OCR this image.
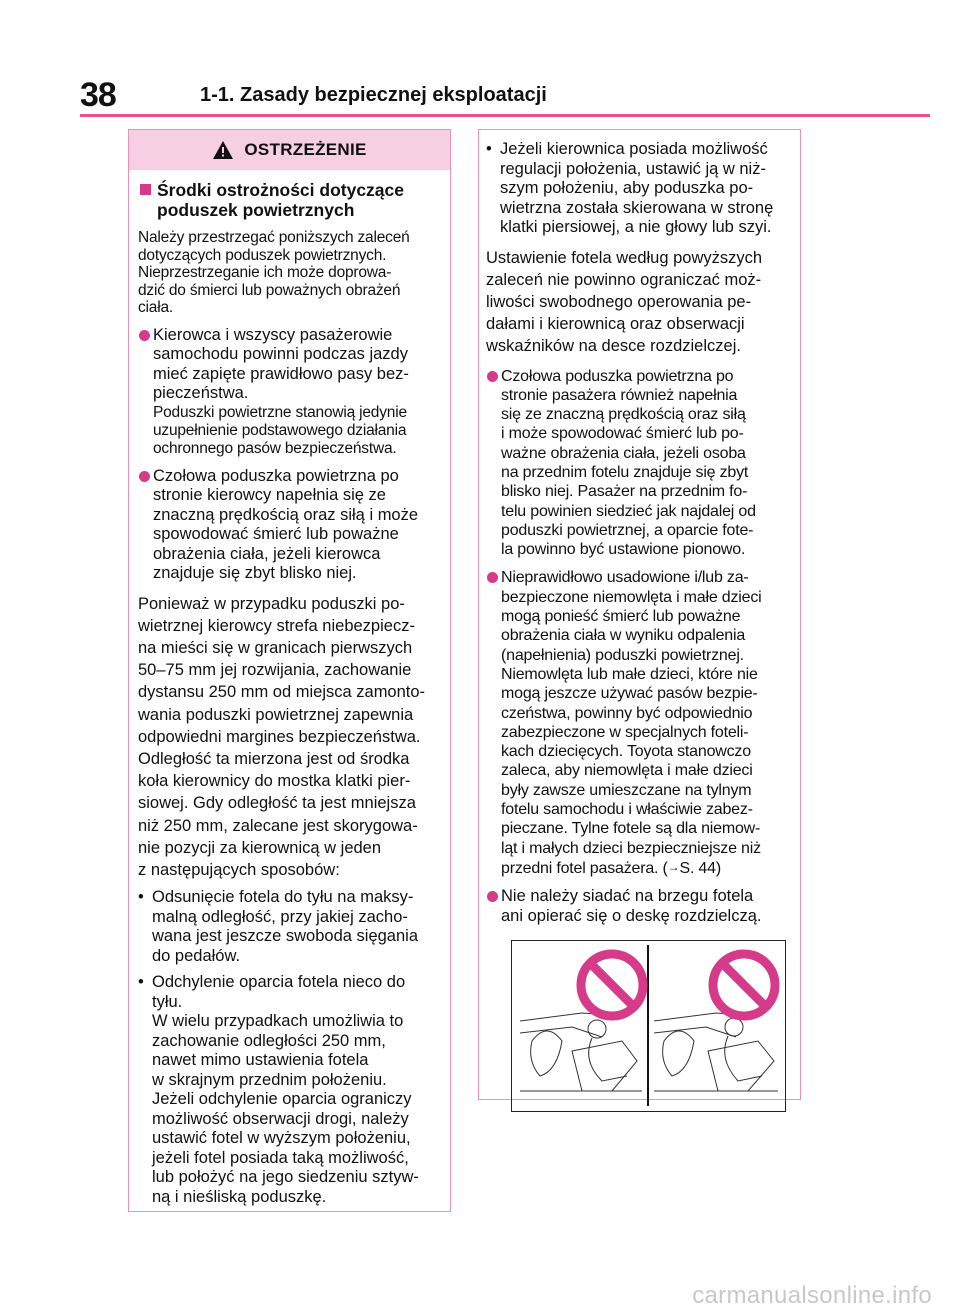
38	1-1. Zasady bezpiecznej eksploatacji
OSTRZEŻENIE
Środki ostrożności dotyczące
poduszek powietrznych
Należy przestrzegać poniższych zaleceń
dotyczących poduszek powietrznych.
Nieprzestrzeganie ich może doprowa-
dzić do śmierci lub poważnych obrażeń
ciała.
Kierowca i wszyscy pasażerowie
samochodu powinni podczas jazdy
mieć zapięte prawidłowo pasy bez-
pieczeństwa.
Poduszki powietrzne stanowią jedynie
uzupełnienie podstawowego działania
ochronnego pasów bezpieczeństwa.
Czołowa poduszka powietrzna po
stronie kierowcy napełnia się ze
znaczną prędkością oraz siłą i może
spowodować śmierć lub poważne
obrażenia ciała, jeżeli kierowca
znajduje się zbyt blisko niej.
Ponieważ w przypadku poduszki po-
wietrznej kierowcy strefa niebezpiecz-
na mieści się w granicach pierwszych
50–75 mm jej rozwijania, zachowanie
dystansu 250 mm od miejsca zamonto-
wania poduszki powietrznej zapewnia
odpowiedni margines bezpieczeństwa.
Odległość ta mierzona jest od środka
koła kierownicy do mostka klatki pier-
siowej. Gdy odległość ta jest mniejsza
niż 250 mm, zalecane jest skorygowa-
nie pozycji za kierownicą w jeden
z następujących sposobów:
• Odsunięcie fotela do tyłu na maksy-
malną odległość, przy jakiej zacho-
wana jest jeszcze swoboda sięgania
do pedałów.
• Odchylenie oparcia fotela nieco do
tyłu.
W wielu przypadkach umożliwia to
zachowanie odległości 250 mm,
nawet mimo ustawienia fotela
w skrajnym przednim położeniu.
Jeżeli odchylenie oparcia ograniczy
możliwość obserwacji drogi, należy
ustawić fotel w wyższym położeniu,
jeżeli fotel posiada taką możliwość,
lub położyć na jego siedzeniu sztyw-
ną i nieśliską poduszkę.
• Jeżeli kierownica posiada możliwość
regulacji położenia, ustawić ją w niż-
szym położeniu, aby poduszka po-
wietrzna została skierowana w stronę
klatki piersiowej, a nie głowy lub szyi.
Ustawienie fotela według powyższych
zaleceń nie powinno ograniczać moż-
liwości swobodnego operowania pe-
dałami i kierownicą oraz obserwacji
wskaźników na desce rozdzielczej.
Czołowa poduszka powietrzna po
stronie pasażera również napełnia
się ze znaczną prędkością oraz siłą
i może spowodować śmierć lub po-
ważne obrażenia ciała, jeżeli osoba
na przednim fotelu znajduje się zbyt
blisko niej. Pasażer na przednim fo-
telu powinien siedzieć jak najdalej od
poduszki powietrznej, a oparcie fote-
la powinno być ustawione pionowo.
Nieprawidłowo usadowione i/lub za-
bezpieczone niemowlęta i małe dzieci
mogą ponieść śmierć lub poważne
obrażenia ciała w wyniku odpalenia
(napełnienia) poduszki powietrznej.
Niemowlęta lub małe dzieci, które nie
mogą jeszcze używać pasów bezpie-
czeństwa, powinny być odpowiednio
zabezpieczone w specjalnych foteli-
kach dziecięcych. Toyota stanowczo
zaleca, aby niemowlęta i małe dzieci
były zawsze umieszczane na tylnym
fotelu samochodu i właściwie zabez-
pieczane. Tylne fotele są dla niemow-
ląt i małych dzieci bezpieczniejsze niż
przedni fotel pasażera. (→S. 44)
Nie należy siadać na brzegu fotela
ani opierać się o deskę rozdzielczą.
carmanualsonline.info
